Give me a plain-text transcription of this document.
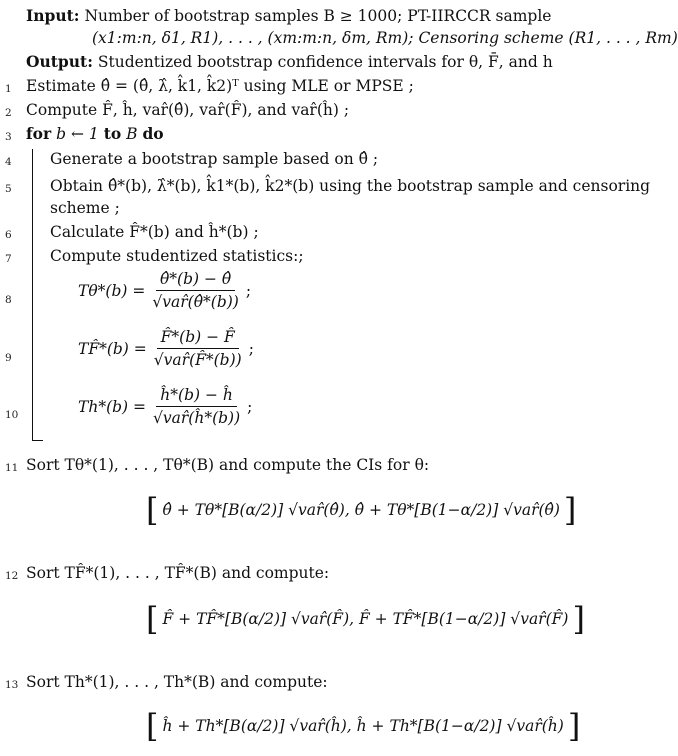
Input: Number of bootstrap samples B ≥ 1000; PT-IIRCCR sample
(x1:m:n, δ1, R1), . . . , (xm:m:n, δm, Rm); Censoring scheme (R1, . . . , Rm)
Output: Studentized bootstrap confidence intervals for θ, F̄, and h
1 Estimate θ̂ = (θ̂, λ̂, k̂1, k̂2)ᵀ using MLE or MPSE ;
2 Compute F̂, ĥ, var̂(θ̂), var̂(F̂), and var̂(ĥ) ;
3 for b ← 1 to B do
4 Generate a bootstrap sample based on θ̂ ;
5 Obtain θ̂*(b), λ̂*(b), k̂1*(b), k̂2*(b) using the bootstrap sample and censoring
scheme ;
6 Calculate F̂*(b) and ĥ*(b) ;
7 Compute studentized statistics:;
8
$T\theta*(b) = \frac{\thetâ*(b) - \thetâ}{\text{√var̂(θ̂*(b))}}$ ;
9
TF̂*(b) = $\frac{F̂*(b) - F̂}{\text{√var̂(F̂*(b))}}$ ;
10	$Th*(b) = \frac{ĥ*(b) - ĥ}{\text{√var̂(ĥ*(b))}}$ ;
11 Sort Tθ*(1), . . . , Tθ*(B) and compute the CIs for θ:
[ θ̂ + Tθ*[B(α/2)] √var̂(θ̂), θ̂ + Tθ*[B(1−α/2)] √var̂(θ̂) ]
12 Sort TF̂*(1), . . . , TF̂*(B) and compute:
[ F̂ + TF̂*[B(α/2)] √var̂(F̂), F̂ + TF̂*[B(1−α/2)] √var̂(F̂) ]
13 Sort Th*(1), . . . , Th*(B) and compute:
[ ĥ + Th*[B(α/2)] √var̂(ĥ), ĥ + Th*[B(1−α/2)] √var̂(ĥ) ]
